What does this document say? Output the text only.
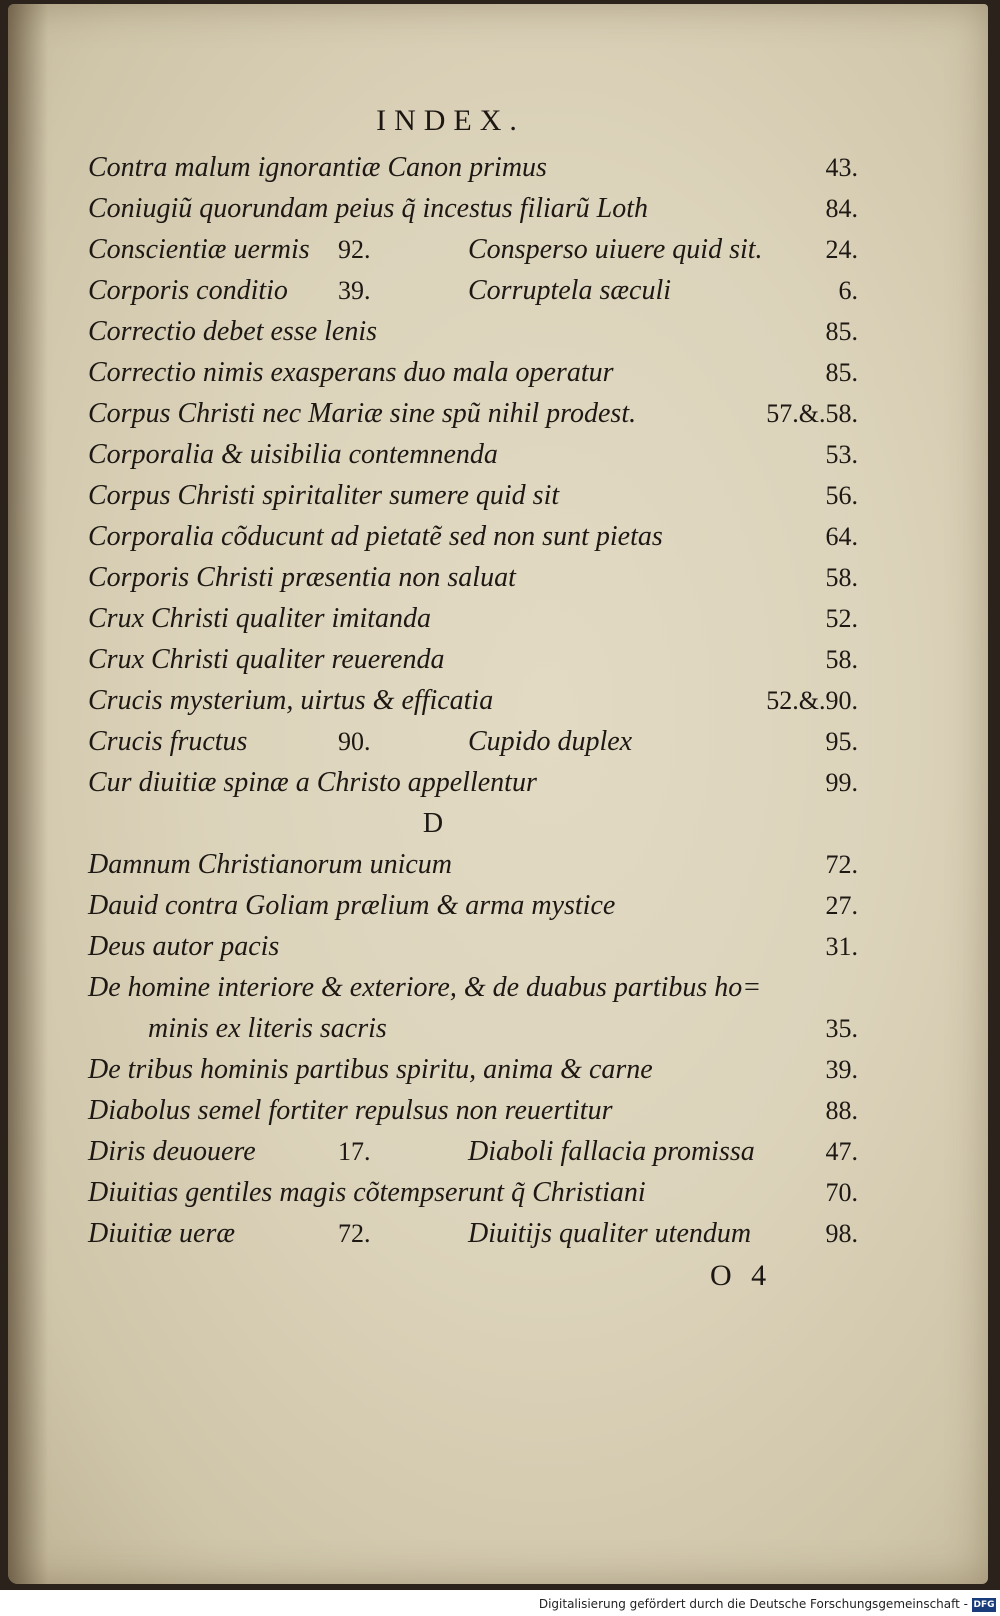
INDEX.
Contra malum ignorantiæ Canon primus	43.
Coniugiũ quorundam peius q̃ incestus filiarũ Loth	84.
Conscientiæ uermis 92.	Consperso uiuere quid sit. 24.
Corporis conditio 39.	Corruptela sæculi	6.
Correctio debet esse lenis	85.
Correctio nimis exasperans duo mala operatur	85.
Corpus Christi nec Mariæ sine spũ nihil prodest.	57.&.58.
Corporalia & uisibilia contemnenda	53.
Corpus Christi spiritaliter sumere quid sit	56.
Corporalia cõducunt ad pietatẽ sed non sunt pietas	64.
Corporis Christi præsentia non saluat	58.
Crux Christi qualiter imitanda	52.
Crux Christi qualiter reuerenda	58.
Crucis mysterium, uirtus & efficatia	52.&.90.
Crucis fructus	90.	Cupido duplex	95.
Cur diuitiæ spinæ a Christo appellentur	99.
D
Damnum Christianorum unicum	72.
Dauid contra Goliam prælium & arma mystice	27.
Deus autor pacis	31.
De homine interiore & exteriore, & de duabus partibus ho=
minis ex literis sacris	35.
De tribus hominis partibus spiritu, anima & carne	39.
Diabolus semel fortiter repulsus non reuertitur	88.
Diris deuouere	17.	Diaboli fallacia promissa	47.
Diuitias gentiles magis cõtempserunt q̃ Christiani	70.
Diuitiæ ueræ	72.	Diuitijs qualiter utendum	98.
O 4
Digitalisierung gefördert durch die Deutsche Forschungsgemeinschaft - DFG
